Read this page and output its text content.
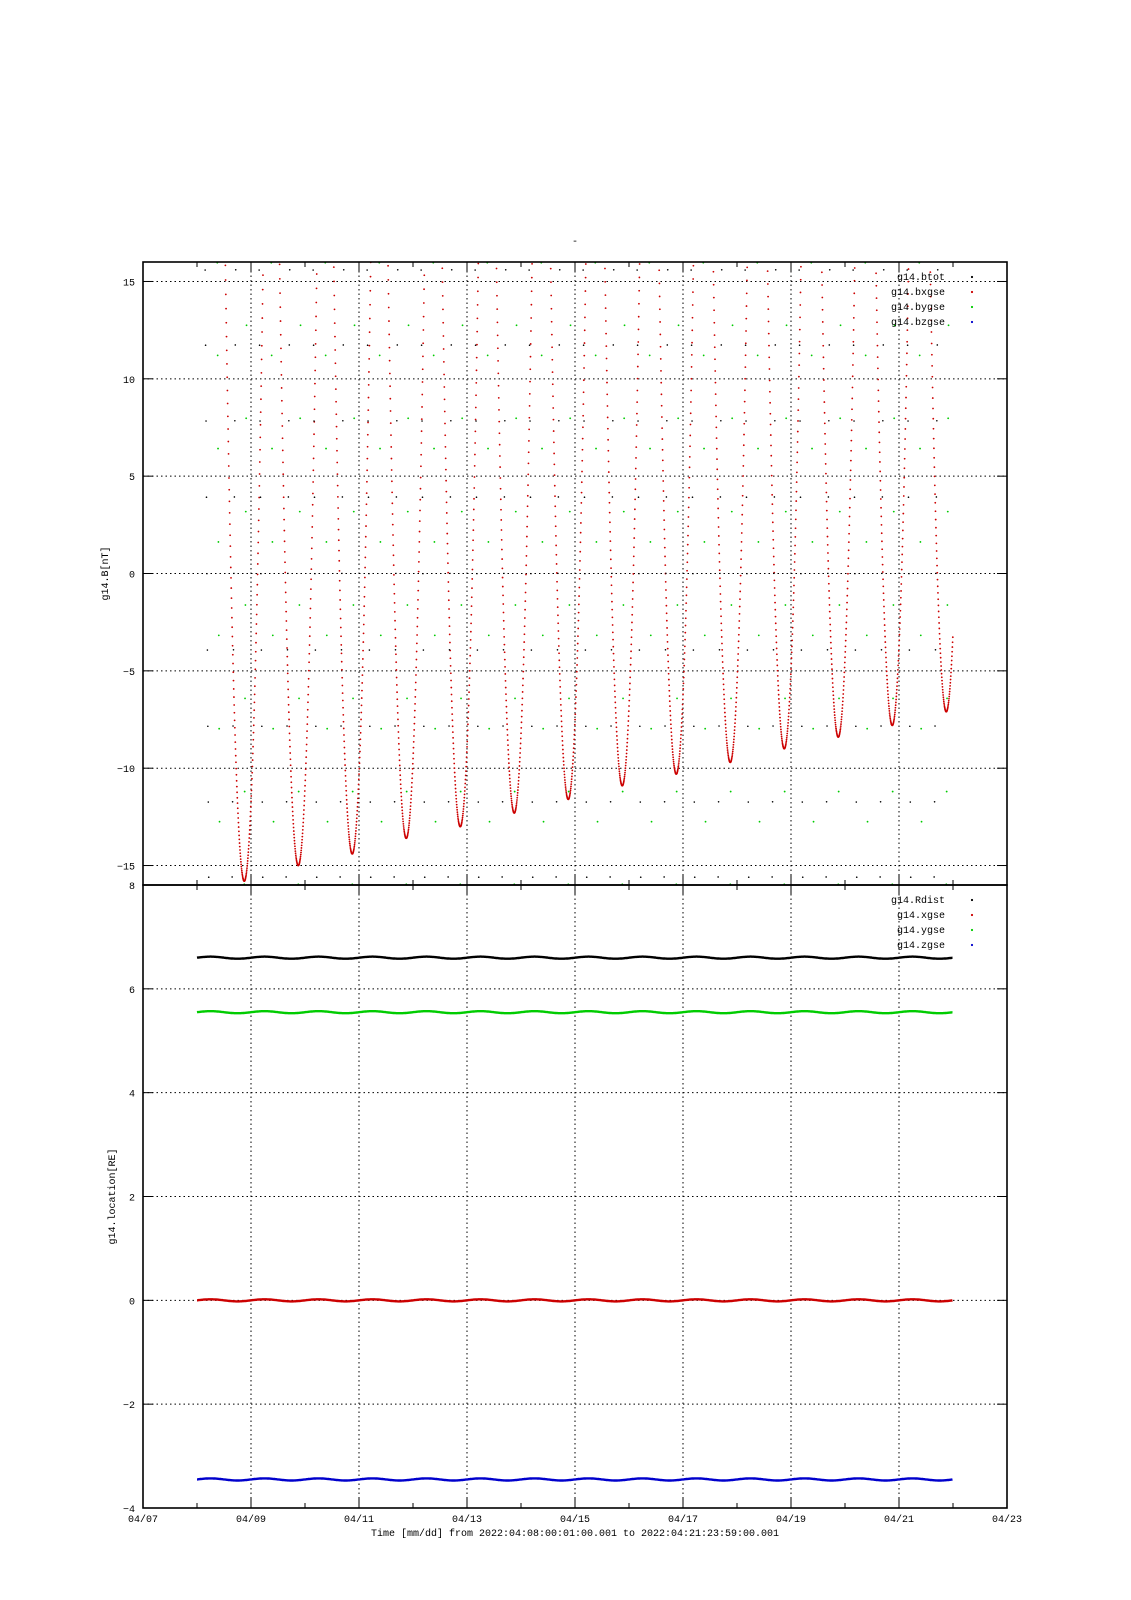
-
15
10
5
0
−5
−10
−15
g14.B[nT]
g14.btot
g14.bxgse
g14.bygse
g14.bzgse
8
6
4
2
0
−2
−4
04/07	04/09	04/11	04/13	04/15	04/17	04/19	04/21	04/23
Time [mm/dd] from 2022:04:08:00:01:00.001 to 2022:04:21:23:59:00.001
g14.location[RE]
g14.Rdist
g14.xgse
g14.ygse
g14.zgse
